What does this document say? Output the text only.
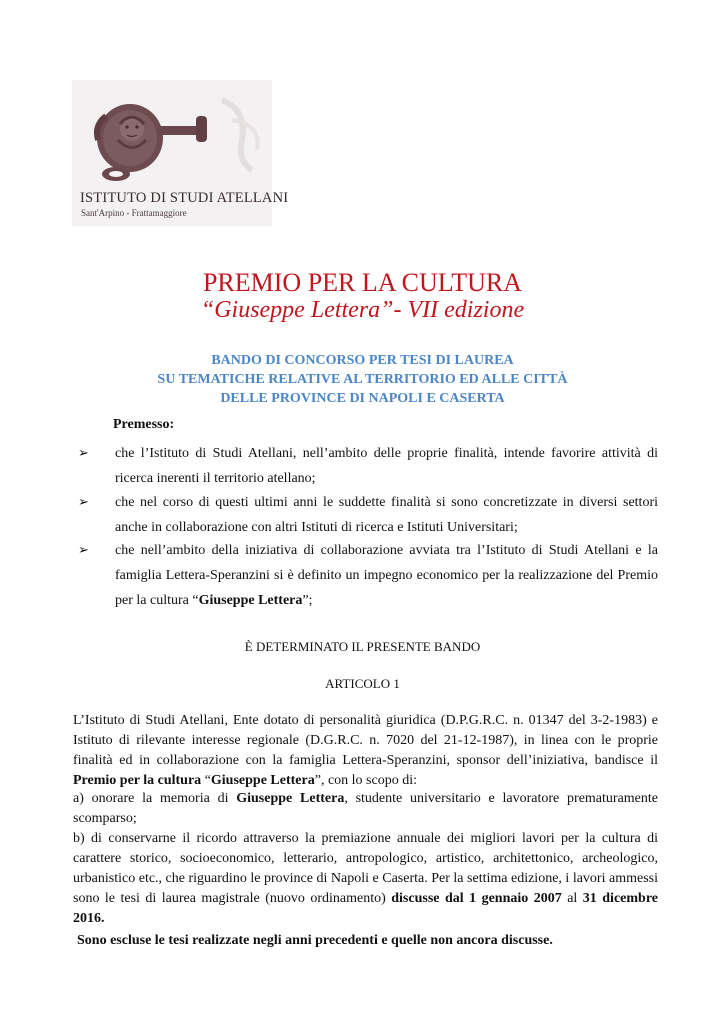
ISTITUTO DI STUDI ATELLANI
Sant'Arpino - Frattamaggiore
PREMIO PER LA CULTURA
“Giuseppe Lettera”- VII edizione
BANDO DI CONCORSO PER TESI DI LAUREA
SU TEMATICHE RELATIVE AL TERRITORIO ED ALLE CITTÀ
DELLE PROVINCE DI NAPOLI E CASERTA
Premesso:
➢ che l’Istituto di Studi Atellani, nell’ambito delle proprie finalità, intende favorire attività di ricerca inerenti il territorio atellano;
➢ che nel corso di questi ultimi anni le suddette finalità si sono concretizzate in diversi settori anche in collaborazione con altri Istituti di ricerca e Istituti Universitari;
➢ che nell’ambito della iniziativa di collaborazione avviata tra l’Istituto di Studi Atellani e la famiglia Lettera-Speranzini si è definito un impegno economico per la realizzazione del Premio per la cultura “Giuseppe Lettera”;
È DETERMINATO IL PRESENTE BANDO
ARTICOLO 1
L’Istituto di Studi Atellani, Ente dotato di personalità giuridica (D.P.G.R.C. n. 01347 del 3-2-1983) e Istituto di rilevante interesse regionale (D.G.R.C. n. 7020 del 21-12-1987), in linea con le proprie finalità ed in collaborazione con la famiglia Lettera-Speranzini, sponsor dell’iniziativa, bandisce il Premio per la cultura “Giuseppe Lettera”, con lo scopo di:
a) onorare la memoria di Giuseppe Lettera, studente universitario e lavoratore prematuramente scomparso;
b) di conservarne il ricordo attraverso la premiazione annuale dei migliori lavori per la cultura di carattere storico, socioeconomico, letterario, antropologico, artistico, architettonico, archeologico, urbanistico etc., che riguardino le province di Napoli e Caserta. Per la settima edizione, i lavori ammessi sono le tesi di laurea magistrale (nuovo ordinamento) discusse dal 1 gennaio 2007 al 31 dicembre 2016.
Sono escluse le tesi realizzate negli anni precedenti e quelle non ancora discusse.
